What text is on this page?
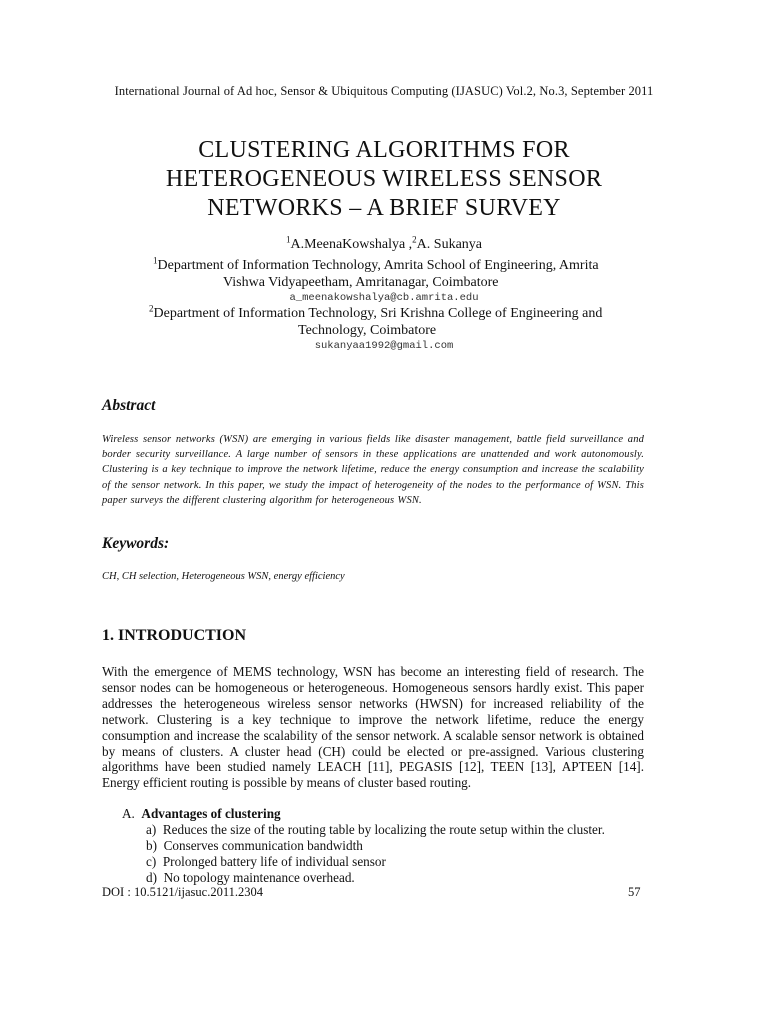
International Journal of Ad hoc, Sensor & Ubiquitous Computing (IJASUC) Vol.2, No.3, September 2011
CLUSTERING ALGORITHMS FOR
HETEROGENEOUS WIRELESS SENSOR
NETWORKS – A BRIEF SURVEY
$^1$A.MeenaKowshalya ,$^2$A. Sukanya
$^1$Department of Information Technology, Amrita School of Engineering, Amrita
Vishwa Vidyapeetham, Amritanagar, Coimbatore
a_meenakowshalya@cb.amrita.edu
$^2$Department of Information Technology, Sri Krishna College of Engineering and
Technology, Coimbatore
sukanyaa1992@gmail.com
Abstract

Wireless sensor networks (WSN) are emerging in various fields like disaster management, battle field surveillance and border security surveillance. A large number of sensors in these applications are unattended and work autonomously. Clustering is a key technique to improve the network lifetime, reduce the energy consumption and increase the scalability of the sensor network. In this paper, we study the impact of heterogeneity of the nodes to the performance of WSN. This paper surveys the different clustering algorithm for heterogeneous WSN.

Keywords:
CH, CH selection, Heterogeneous WSN, energy efficiency
1. INTRODUCTION

With the emergence of MEMS technology, WSN has become an interesting field of research. The sensor nodes can be homogeneous or heterogeneous. Homogeneous sensors hardly exist. This paper addresses the heterogeneous wireless sensor networks (HWSN) for increased reliability of the network. Clustering is a key technique to improve the network lifetime, reduce the energy consumption and increase the scalability of the sensor network. A scalable sensor network is obtained by means of clusters. A cluster head (CH) could be elected or pre-assigned. Various clustering algorithms have been studied namely LEACH [11], PEGASIS [12], TEEN [13], APTEEN [14]. Energy efficient routing is possible by means of cluster based routing.

A. Advantages of clustering
a)  Reduces the size of the routing table by localizing the route setup within the cluster.
b)  Conserves communication bandwidth
c)  Prolonged battery life of individual sensor
d)  No topology maintenance overhead.
DOI : 10.5121/ijasuc.2011.2304	57
